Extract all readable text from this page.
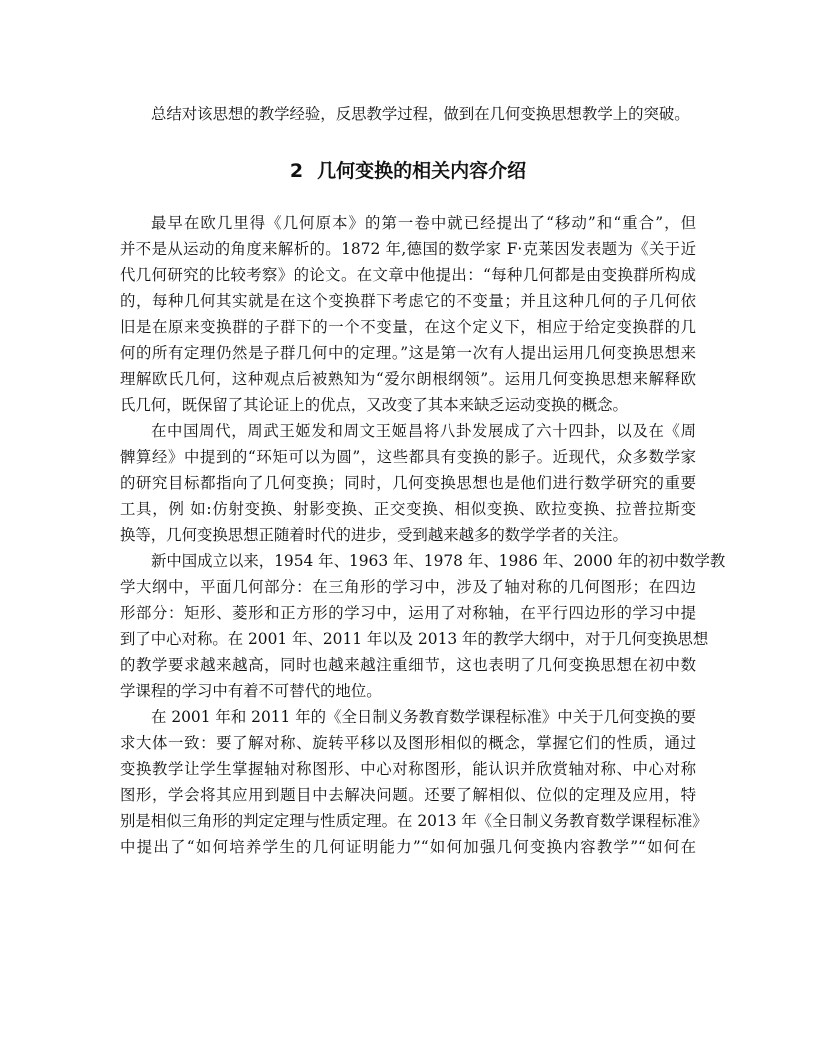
总结对该思想的教学经验，反思教学过程，做到在几何变换思想教学上的突破。
2 几何变换的相关内容介绍
最早在欧几里得《几何原本》的第一卷中就已经提出了“移动”和“重合”，但
并不是从运动的角度来解析的。1872 年,德国的数学家 F·克莱因发表题为《关于近
代几何研究的比较考察》的论文。在文章中他提出：“每种几何都是由变换群所构成
的，每种几何其实就是在这个变换群下考虑它的不变量；并且这种几何的子几何依
旧是在原来变换群的子群下的一个不变量，在这个定义下，相应于给定变换群的几
何的所有定理仍然是子群几何中的定理。”这是第一次有人提出运用几何变换思想来
理解欧氏几何，这种观点后被熟知为“爱尔朗根纲领”。运用几何变换思想来解释欧
氏几何，既保留了其论证上的优点，又改变了其本来缺乏运动变换的概念。
在中国周代，周武王姬发和周文王姬昌将八卦发展成了六十四卦，以及在《周
髀算经》中提到的“环矩可以为圆”，这些都具有变换的影子。近现代，众多数学家
的研究目标都指向了几何变换；同时，几何变换思想也是他们进行数学研究的重要
工具，例 如:仿射变换、射影变换、正交变换、相似变换、欧拉变换、拉普拉斯变
换等，几何变换思想正随着时代的进步，受到越来越多的数学学者的关注。
新中国成立以来，1954 年、1963 年、1978 年、1986 年、2000 年的初中数学教
学大纲中，平面几何部分：在三角形的学习中，涉及了轴对称的几何图形；在四边
形部分：矩形、菱形和正方形的学习中，运用了对称轴，在平行四边形的学习中提
到了中心对称。在 2001 年、2011 年以及 2013 年的教学大纲中，对于几何变换思想
的教学要求越来越高，同时也越来越注重细节，这也表明了几何变换思想在初中数
学课程的学习中有着不可替代的地位。
在 2001 年和 2011 年的《全日制义务教育数学课程标准》中关于几何变换的要
求大体一致：要了解对称、旋转平移以及图形相似的概念，掌握它们的性质，通过
变换教学让学生掌握轴对称图形、中心对称图形，能认识并欣赏轴对称、中心对称
图形，学会将其应用到题目中去解决问题。还要了解相似、位似的定理及应用，特
别是相似三角形的判定定理与性质定理。在 2013 年《全日制义务教育数学课程标准》
中提出了“如何培养学生的几何证明能力”“如何加强几何变换内容教学”“如何在
